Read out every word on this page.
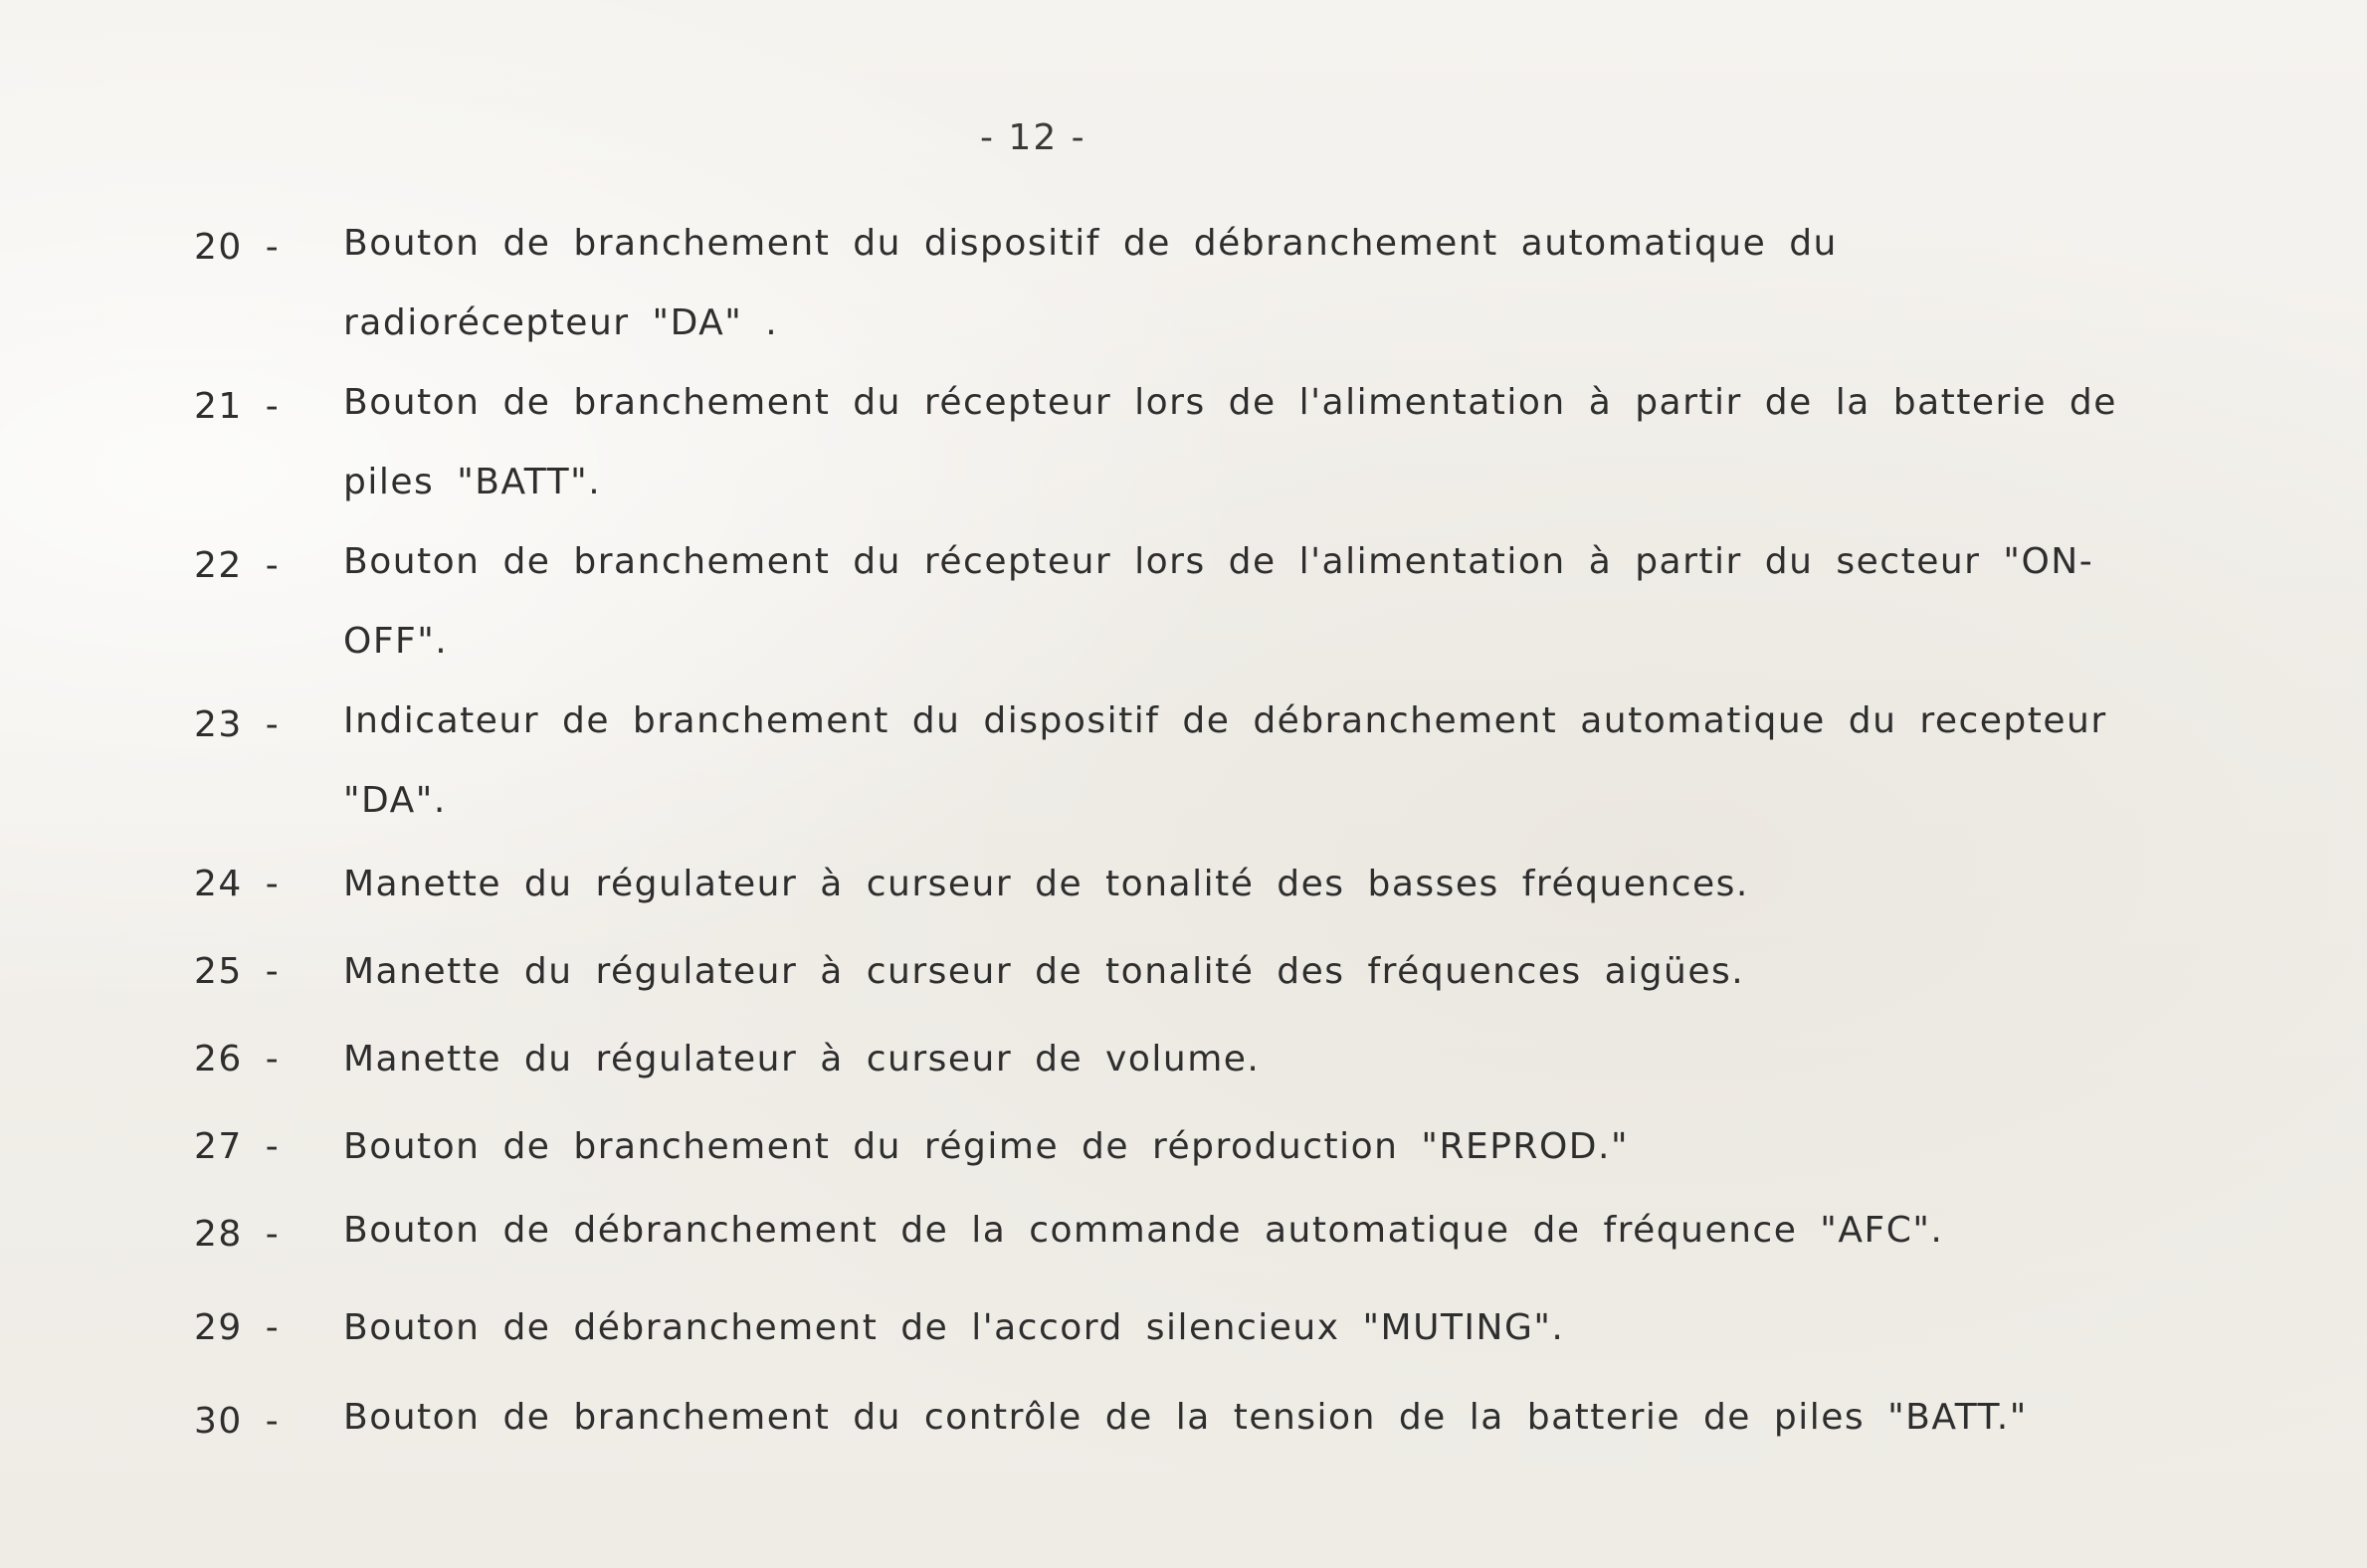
- 12 -
20 -	Bouton de branchement du dispositif de débranchement automatique du radiorécepteur "DA" .
21 -	Bouton de branchement du récepteur lors de l'alimentation à partir de la batterie de piles "BATT".
22 -	Bouton de branchement du récepteur lors de l'alimentation à partir du secteur "ON-OFF".
23 -	Indicateur de branchement du dispositif de débranchement automatique du recepteur "DA".
24 -	Manette du régulateur à curseur de tonalité des basses fréquences.
25 -	Manette du régulateur à curseur de tonalité des fréquences aigües.
26 -	Manette du régulateur à curseur de volume.
27 -	Bouton de branchement du régime de réproduction "REPROD."
28 -	Bouton de débranchement de la commande automatique de fréquence "AFC".
29 -	Bouton de débranchement de l'accord silencieux "MUTING".
30 -	Bouton de branchement du contrôle de la tension de la batterie de piles "BATT."
